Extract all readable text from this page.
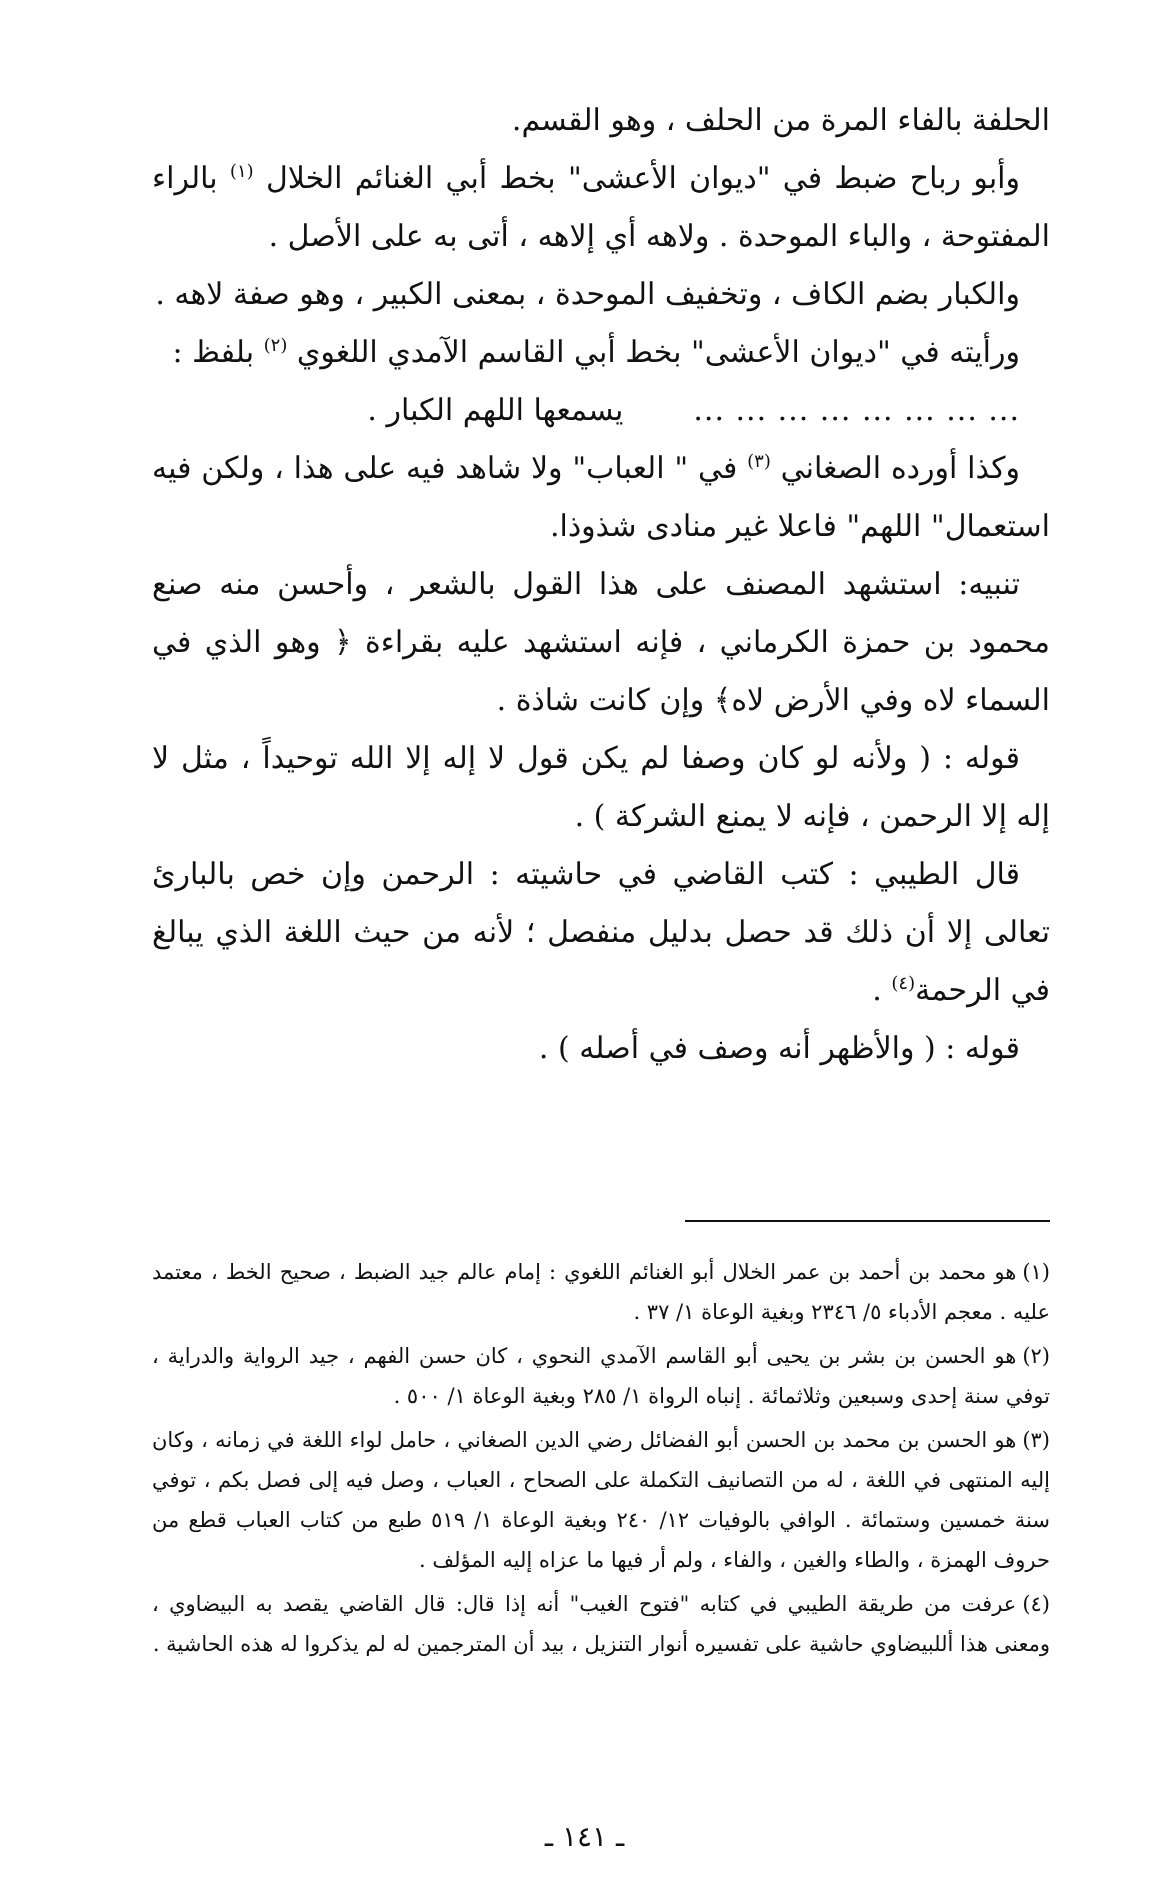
الحلفة بالفاء المرة من الحلف ، وهو القسم.

وأبو رباح ضبط في "ديوان الأعشى" بخط أبي الغنائم الخلال $^{(١)}$ بالراء المفتوحة ، والباء الموحدة . ولاهه أي إلاهه ، أتى به على الأصل .

والكبار بضم الكاف ، وتخفيف الموحدة ، بمعنى الكبير ، وهو صفة لاهه .

ورأيته في "ديوان الأعشى" بخط أبي القاسم الآمدي اللغوي $^{(٢)}$ بلفظ :

... ... ... ... ... ... ... ...
يسمعها اللهم الكبار .

وكذا أورده الصغاني $^{(٣)}$ في " العباب" ولا شاهد فيه على هذا ، ولكن فيه استعمال" اللهم" فاعلا غير منادى شذوذا.

تنبيه: استشهد المصنف على هذا القول بالشعر ، وأحسن منه صنع محمود بن حمزة الكرماني ، فإنه استشهد عليه بقراءة ﴿ وهو الذي في السماء لاه وفي الأرض لاه﴾ وإن كانت شاذة .

قوله : ( ولأنه لو كان وصفا لم يكن قول لا إله إلا الله توحيداً ، مثل لا إله إلا الرحمن ، فإنه لا يمنع الشركة ) .

قال الطيبي : كتب القاضي في حاشيته : الرحمن وإن خص بالبارئ تعالى إلا أن ذلك قد حصل بدليل منفصل ؛ لأنه من حيث اللغة الذي يبالغ في الرحمة$^{(٤)}$ .

قوله : ( والأظهر أنه وصف في أصله ) .

(١)هو محمد بن أحمد بن عمر الخلال أبو الغنائم اللغوي : إمام عالم جيد الضبط ، صحيح الخط ، معتمد عليه . معجم الأدباء ٥/ ٢٣٤٦ وبغية الوعاة ١/ ٣٧ .

(٢)هو الحسن بن بشر بن يحيى أبو القاسم الآمدي النحوي ، كان حسن الفهم ، جيد الرواية والدراية ، توفي سنة إحدى وسبعين وثلاثمائة . إنباه الرواة ١/ ٢٨٥ وبغية الوعاة ١/ ٥٠٠ .

(٣)هو الحسن بن محمد بن الحسن أبو الفضائل رضي الدين الصغاني ، حامل لواء اللغة في زمانه ، وكان إليه المنتهى في اللغة ، له من التصانيف التكملة على الصحاح ، العباب ، وصل فيه إلى فصل بكم ، توفي سنة خمسين وستمائة . الوافي بالوفيات ١٢/ ٢٤٠ وبغية الوعاة ١/ ٥١٩ طبع من كتاب العباب قطع من حروف الهمزة ، والطاء والغين ، والفاء ، ولم أر فيها ما عزاه إليه المؤلف .

(٤)عرفت من طريقة الطيبي في كتابه "فتوح الغيب" أنه إذا قال: قال القاضي يقصد به البيضاوي ، ومعنى هذا أللبيضاوي حاشية على تفسيره أنوار التنزيل ، بيد أن المترجمين له لم يذكروا له هذه الحاشية .

ـ ١٤١ ـ
